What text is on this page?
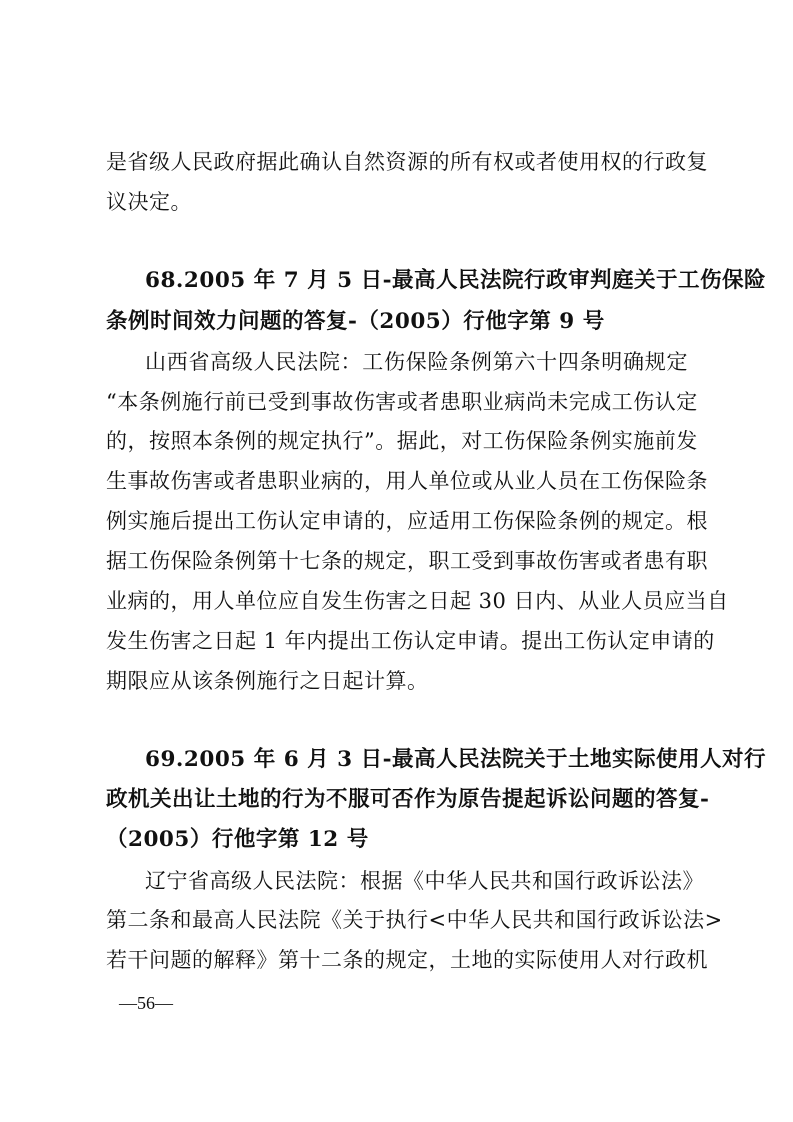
是省级人民政府据此确认自然资源的所有权或者使用权的行政复
议决定。
68.2005 年 7 月 5 日-最高人民法院行政审判庭关于工伤保险
条例时间效力问题的答复-（2005）行他字第 9 号
山西省高级人民法院：工伤保险条例第六十四条明确规定
“本条例施行前已受到事故伤害或者患职业病尚未完成工伤认定
的，按照本条例的规定执行”。据此，对工伤保险条例实施前发
生事故伤害或者患职业病的，用人单位或从业人员在工伤保险条
例实施后提出工伤认定申请的，应适用工伤保险条例的规定。根
据工伤保险条例第十七条的规定，职工受到事故伤害或者患有职
业病的，用人单位应自发生伤害之日起 30 日内、从业人员应当自
发生伤害之日起 1 年内提出工伤认定申请。提出工伤认定申请的
期限应从该条例施行之日起计算。
69.2005 年 6 月 3 日-最高人民法院关于土地实际使用人对行
政机关出让土地的行为不服可否作为原告提起诉讼问题的答复-
（2005）行他字第 12 号
辽宁省高级人民法院：根据《中华人民共和国行政诉讼法》
第二条和最高人民法院《关于执行<中华人民共和国行政诉讼法>
若干问题的解释》第十二条的规定，土地的实际使用人对行政机
—56—
